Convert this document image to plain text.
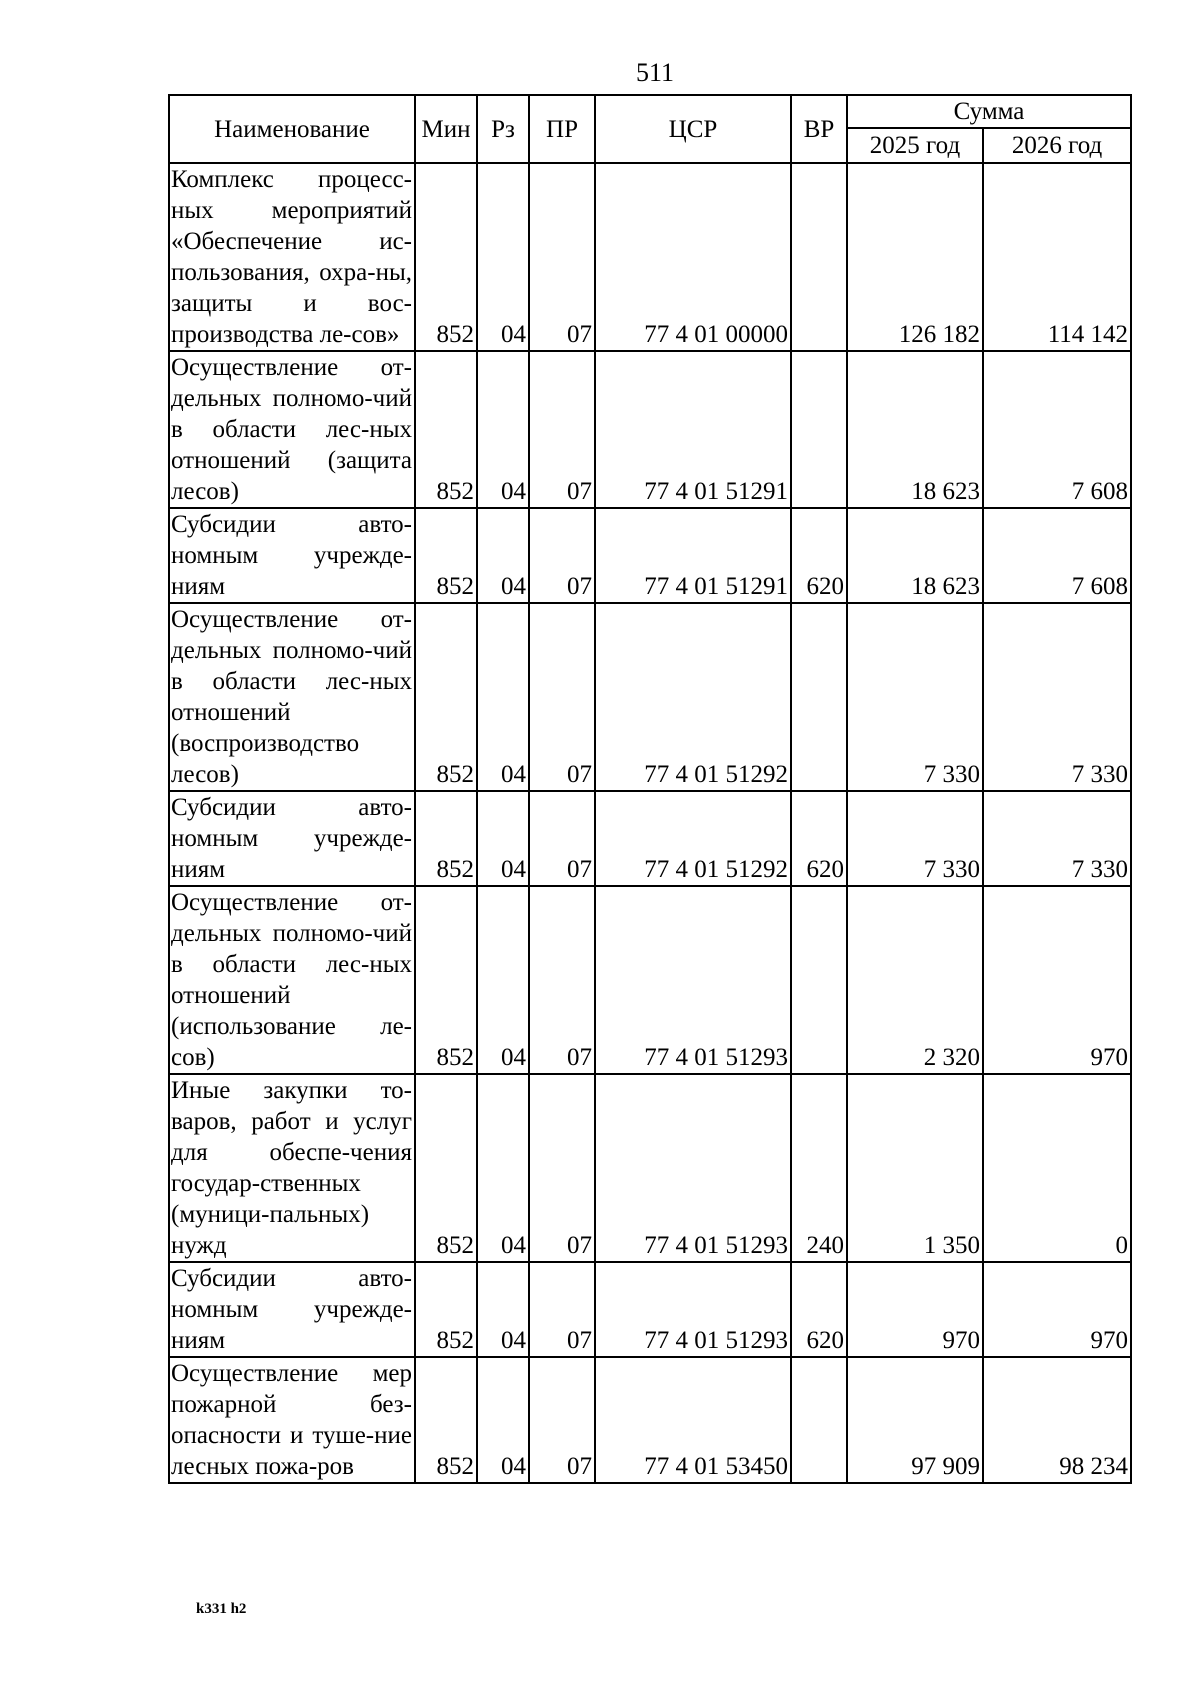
511
Наименование	Мин	Рз	ПР	ЦСР	ВР	Сумма	
						2025 год	2026 год
Комплекс процесс-ных мероприятий «Обеспечение ис-пользования, охра-ны, защиты и вос-производства ле-сов»	852	04	07	77 4 01 00000		126 182	114 142
Осуществление от-дельных полномо-чий в области лес-ных отношений (защита лесов)	852	04	07	77 4 01 51291		18 623	7 608
Субсидии авто-номным учрежде-ниям	852	04	07	77 4 01 51291	620	18 623	7 608
Осуществление от-дельных полномо-чий в области лес-ных отношений (воспроизводство лесов)	852	04	07	77 4 01 51292		7 330	7 330
Субсидии авто-номным учрежде-ниям	852	04	07	77 4 01 51292	620	7 330	7 330
Осуществление от-дельных полномо-чий в области лес-ных отношений (использование ле-сов)	852	04	07	77 4 01 51293		2 320	970
Иные закупки то-варов, работ и услуг для обеспе-чения государ-ственных (муници-пальных) нужд	852	04	07	77 4 01 51293	240	1 350	0
Субсидии авто-номным учрежде-ниям	852	04	07	77 4 01 51293	620	970	970
Осуществление мер пожарной без-опасности и туше-ние лесных пожа-ров	852	04	07	77 4 01 53450		97 909	98 234
k331 h2
